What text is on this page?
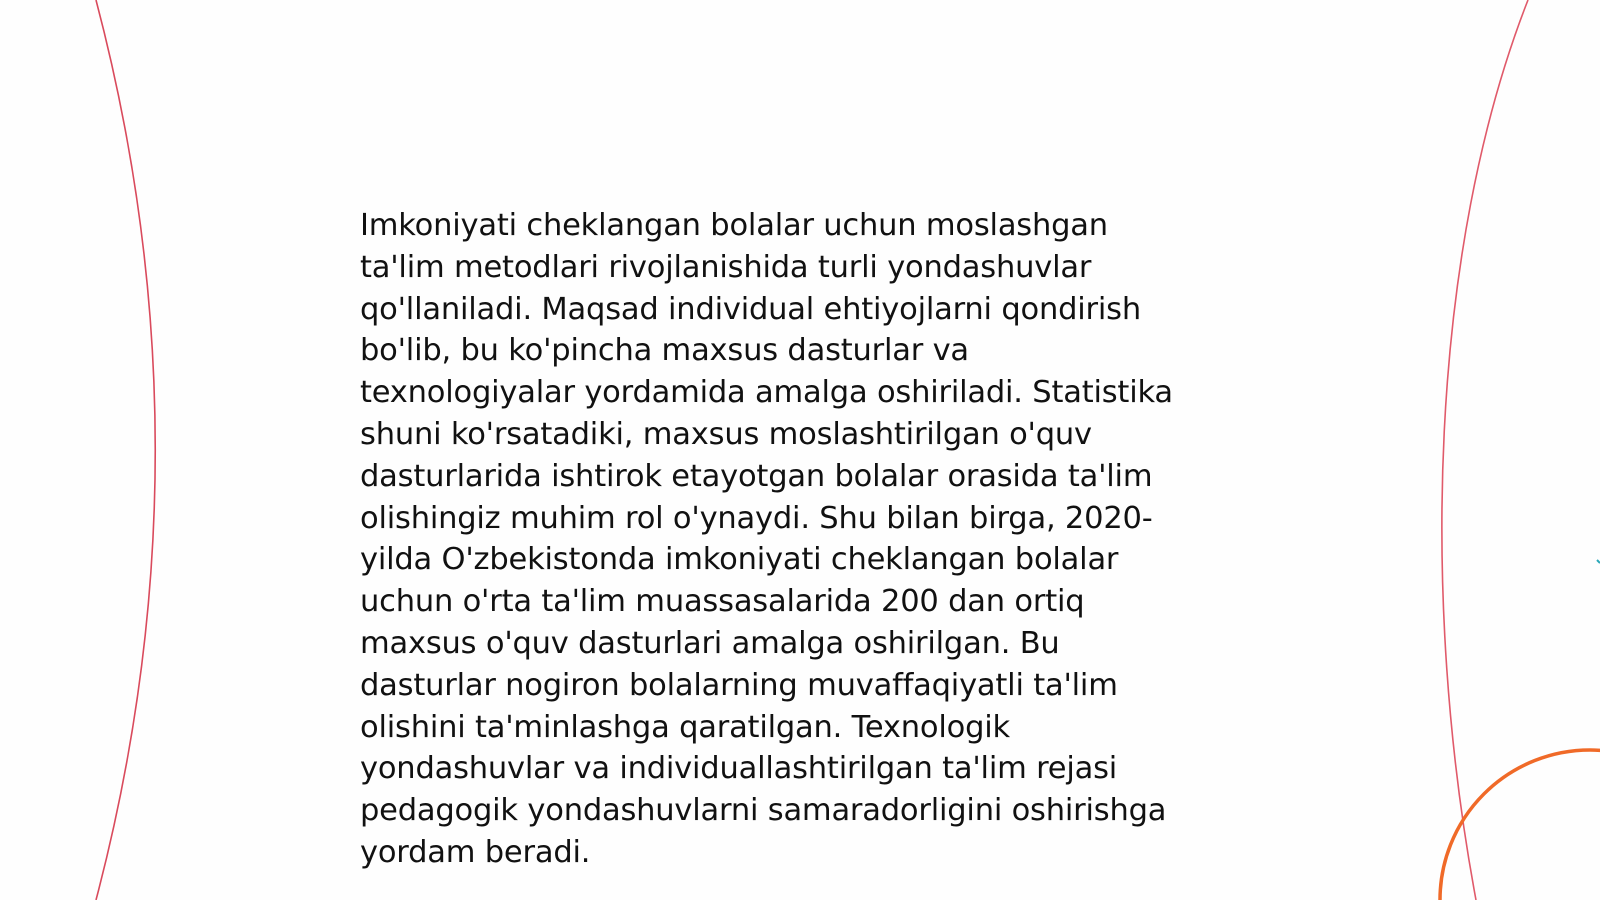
Imkoniyati cheklangan bolalar uchun moslashgan
ta'lim metodlari rivojlanishida turli yondashuvlar
qo'llaniladi. Maqsad individual ehtiyojlarni qondirish
bo'lib, bu ko'pincha maxsus dasturlar va
texnologiyalar yordamida amalga oshiriladi. Statistika
shuni ko'rsatadiki, maxsus moslashtirilgan o'quv
dasturlarida ishtirok etayotgan bolalar orasida ta'lim
olishingiz muhim rol o'ynaydi. Shu bilan birga, 2020-
yilda O'zbekistonda imkoniyati cheklangan bolalar
uchun o'rta ta'lim muassasalarida 200 dan ortiq
maxsus o'quv dasturlari amalga oshirilgan. Bu
dasturlar nogiron bolalarning muvaffaqiyatli ta'lim
olishini ta'minlashga qaratilgan. Texnologik
yondashuvlar va individuallashtirilgan ta'lim rejasi
pedagogik yondashuvlarni samaradorligini oshirishga
yordam beradi.
